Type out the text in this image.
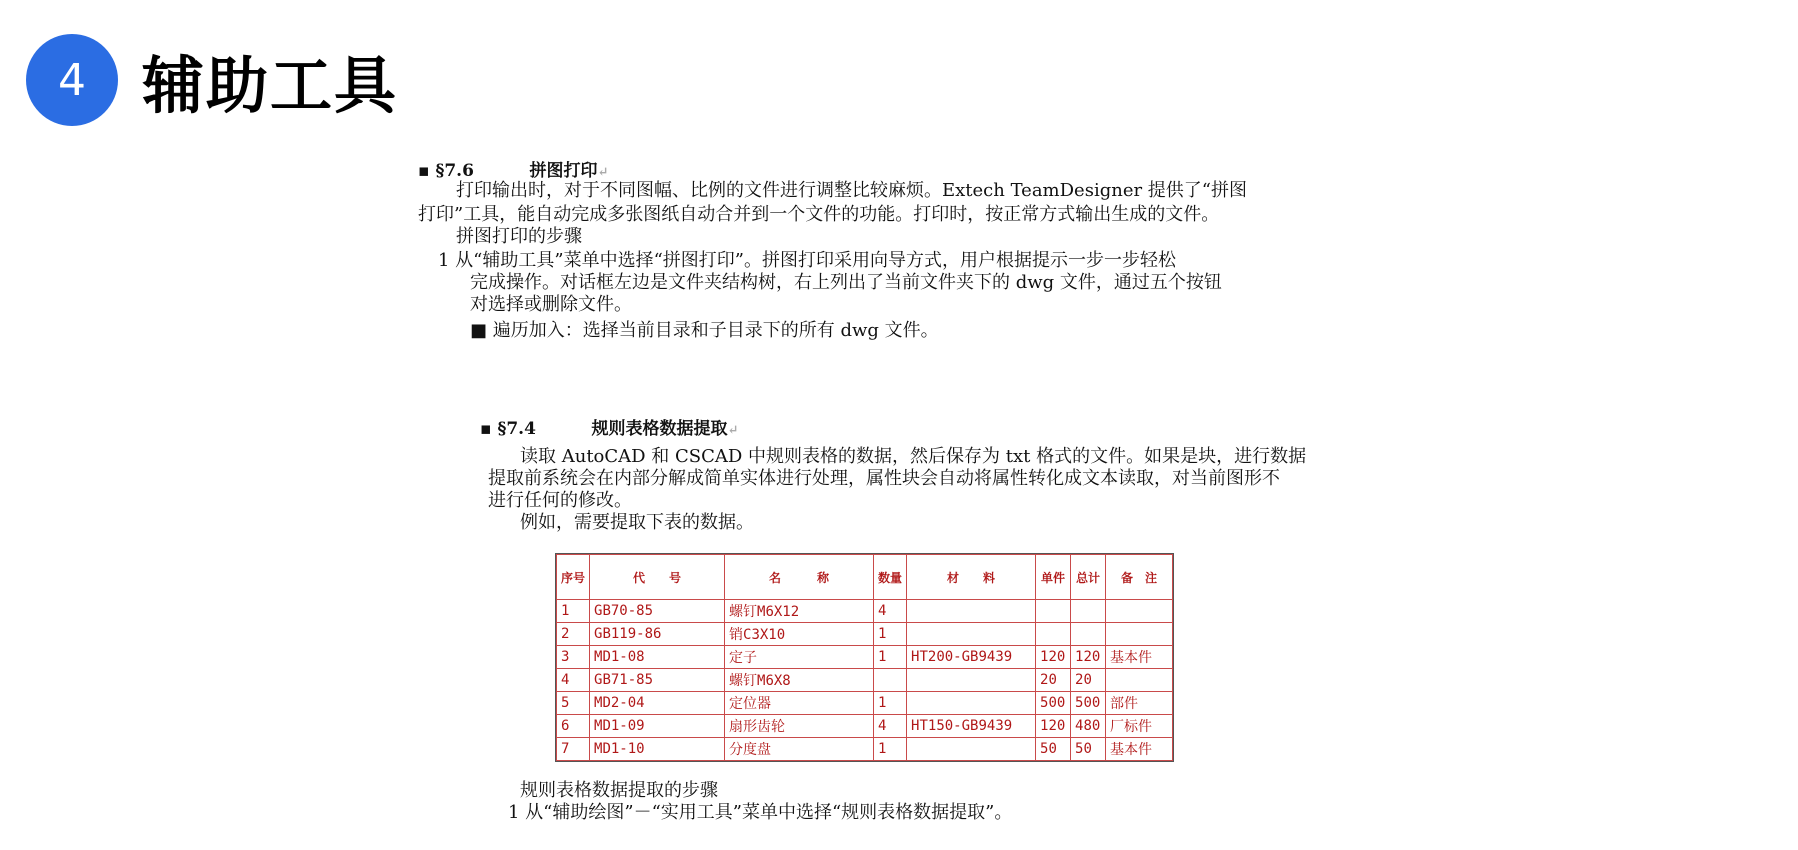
4 辅助工具
▪ §7.6	拼图打印↵
打印输出时，对于不同图幅、比例的文件进行调整比较麻烦。Extech TeamDesigner 提供了“拼图
打印”工具，能自动完成多张图纸自动合并到一个文件的功能。打印时，按正常方式输出生成的文件。
拼图打印的步骤
1 从“辅助工具”菜单中选择“拼图打印”。拼图打印采用向导方式，用户根据提示一步一步轻松
完成操作。对话框左边是文件夹结构树，右上列出了当前文件夹下的 dwg 文件，通过五个按钮
对选择或删除文件。
■ 遍历加入：选择当前目录和子目录下的所有 dwg 文件。
▪ §7.4	规则表格数据提取↵
读取 AutoCAD 和 CSCAD 中规则表格的数据，然后保存为 txt 格式的文件。如果是块，进行数据
提取前系统会在内部分解成简单实体进行处理，属性块会自动将属性转化成文本读取，对当前图形不
进行任何的修改。
例如，需要提取下表的数据。
序号	代　　号	名　　　称	数量	材　　料	单件	总计	备　注
1	GB70-85	螺钉M6X12	4				
2	GB119-86	销C3X10	1				
3	MD1-08	定子	1	HT200-GB9439	120	120	基本件
4	GB71-85	螺钉M6X8			20	20	
5	MD2-04	定位器	1		500	500	部件
6	MD1-09	扇形齿轮	4	HT150-GB9439	120	480	厂标件
7	MD1-10	分度盘	1		50	50	基本件
规则表格数据提取的步骤
1 从“辅助绘图”－“实用工具”菜单中选择“规则表格数据提取”。
